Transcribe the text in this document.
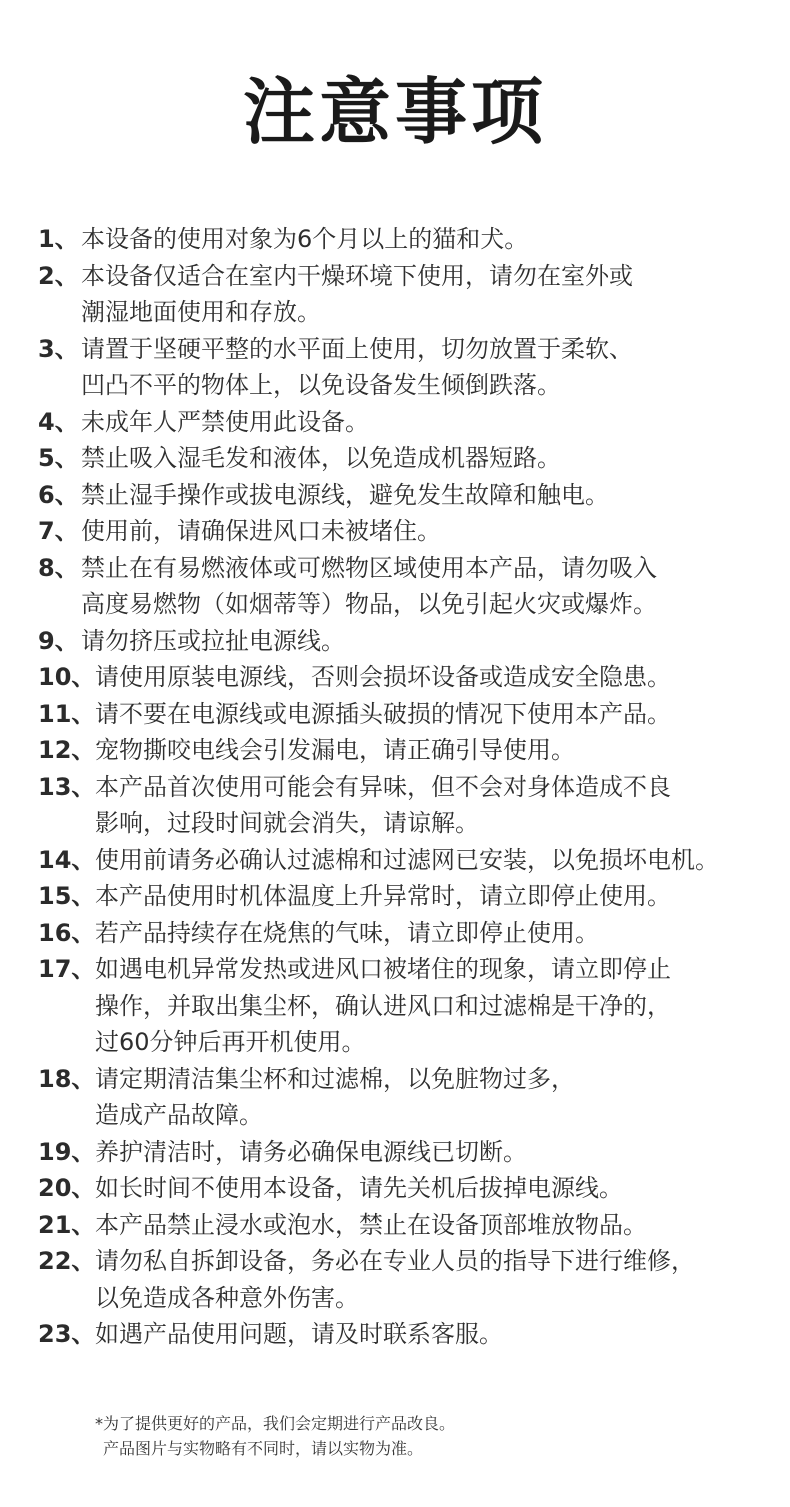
注意事项
1、 本设备的使用对象为6个月以上的猫和犬。
2、 本设备仅适合在室内干燥环境下使用，请勿在室外或
潮湿地面使用和存放。
3、 请置于坚硬平整的水平面上使用，切勿放置于柔软、
凹凸不平的物体上，以免设备发生倾倒跌落。
4、 未成年人严禁使用此设备。
5、 禁止吸入湿毛发和液体，以免造成机器短路。
6、 禁止湿手操作或拔电源线，避免发生故障和触电。
7、 使用前，请确保进风口未被堵住。
8、 禁止在有易燃液体或可燃物区域使用本产品，请勿吸入
高度易燃物（如烟蒂等）物品，以免引起火灾或爆炸。
9、 请勿挤压或拉扯电源线。
10、 请使用原装电源线，否则会损坏设备或造成安全隐患。
11、 请不要在电源线或电源插头破损的情况下使用本产品。
12、 宠物撕咬电线会引发漏电，请正确引导使用。
13、 本产品首次使用可能会有异味，但不会对身体造成不良
影响，过段时间就会消失，请谅解。
14、 使用前请务必确认过滤棉和过滤网已安装，以免损坏电机。
15、 本产品使用时机体温度上升异常时，请立即停止使用。
16、 若产品持续存在烧焦的气味，请立即停止使用。
17、 如遇电机异常发热或进风口被堵住的现象，请立即停止
操作，并取出集尘杯，确认进风口和过滤棉是干净的，
过60分钟后再开机使用。
18、 请定期清洁集尘杯和过滤棉，以免脏物过多，
造成产品故障。
19、 养护清洁时，请务必确保电源线已切断。
20、 如长时间不使用本设备，请先关机后拔掉电源线。
21、 本产品禁止浸水或泡水，禁止在设备顶部堆放物品。
22、 请勿私自拆卸设备，务必在专业人员的指导下进行维修，
以免造成各种意外伤害。
23、 如遇产品使用问题，请及时联系客服。
*为了提供更好的产品，我们会定期进行产品改良。
产品图片与实物略有不同时，请以实物为准。
